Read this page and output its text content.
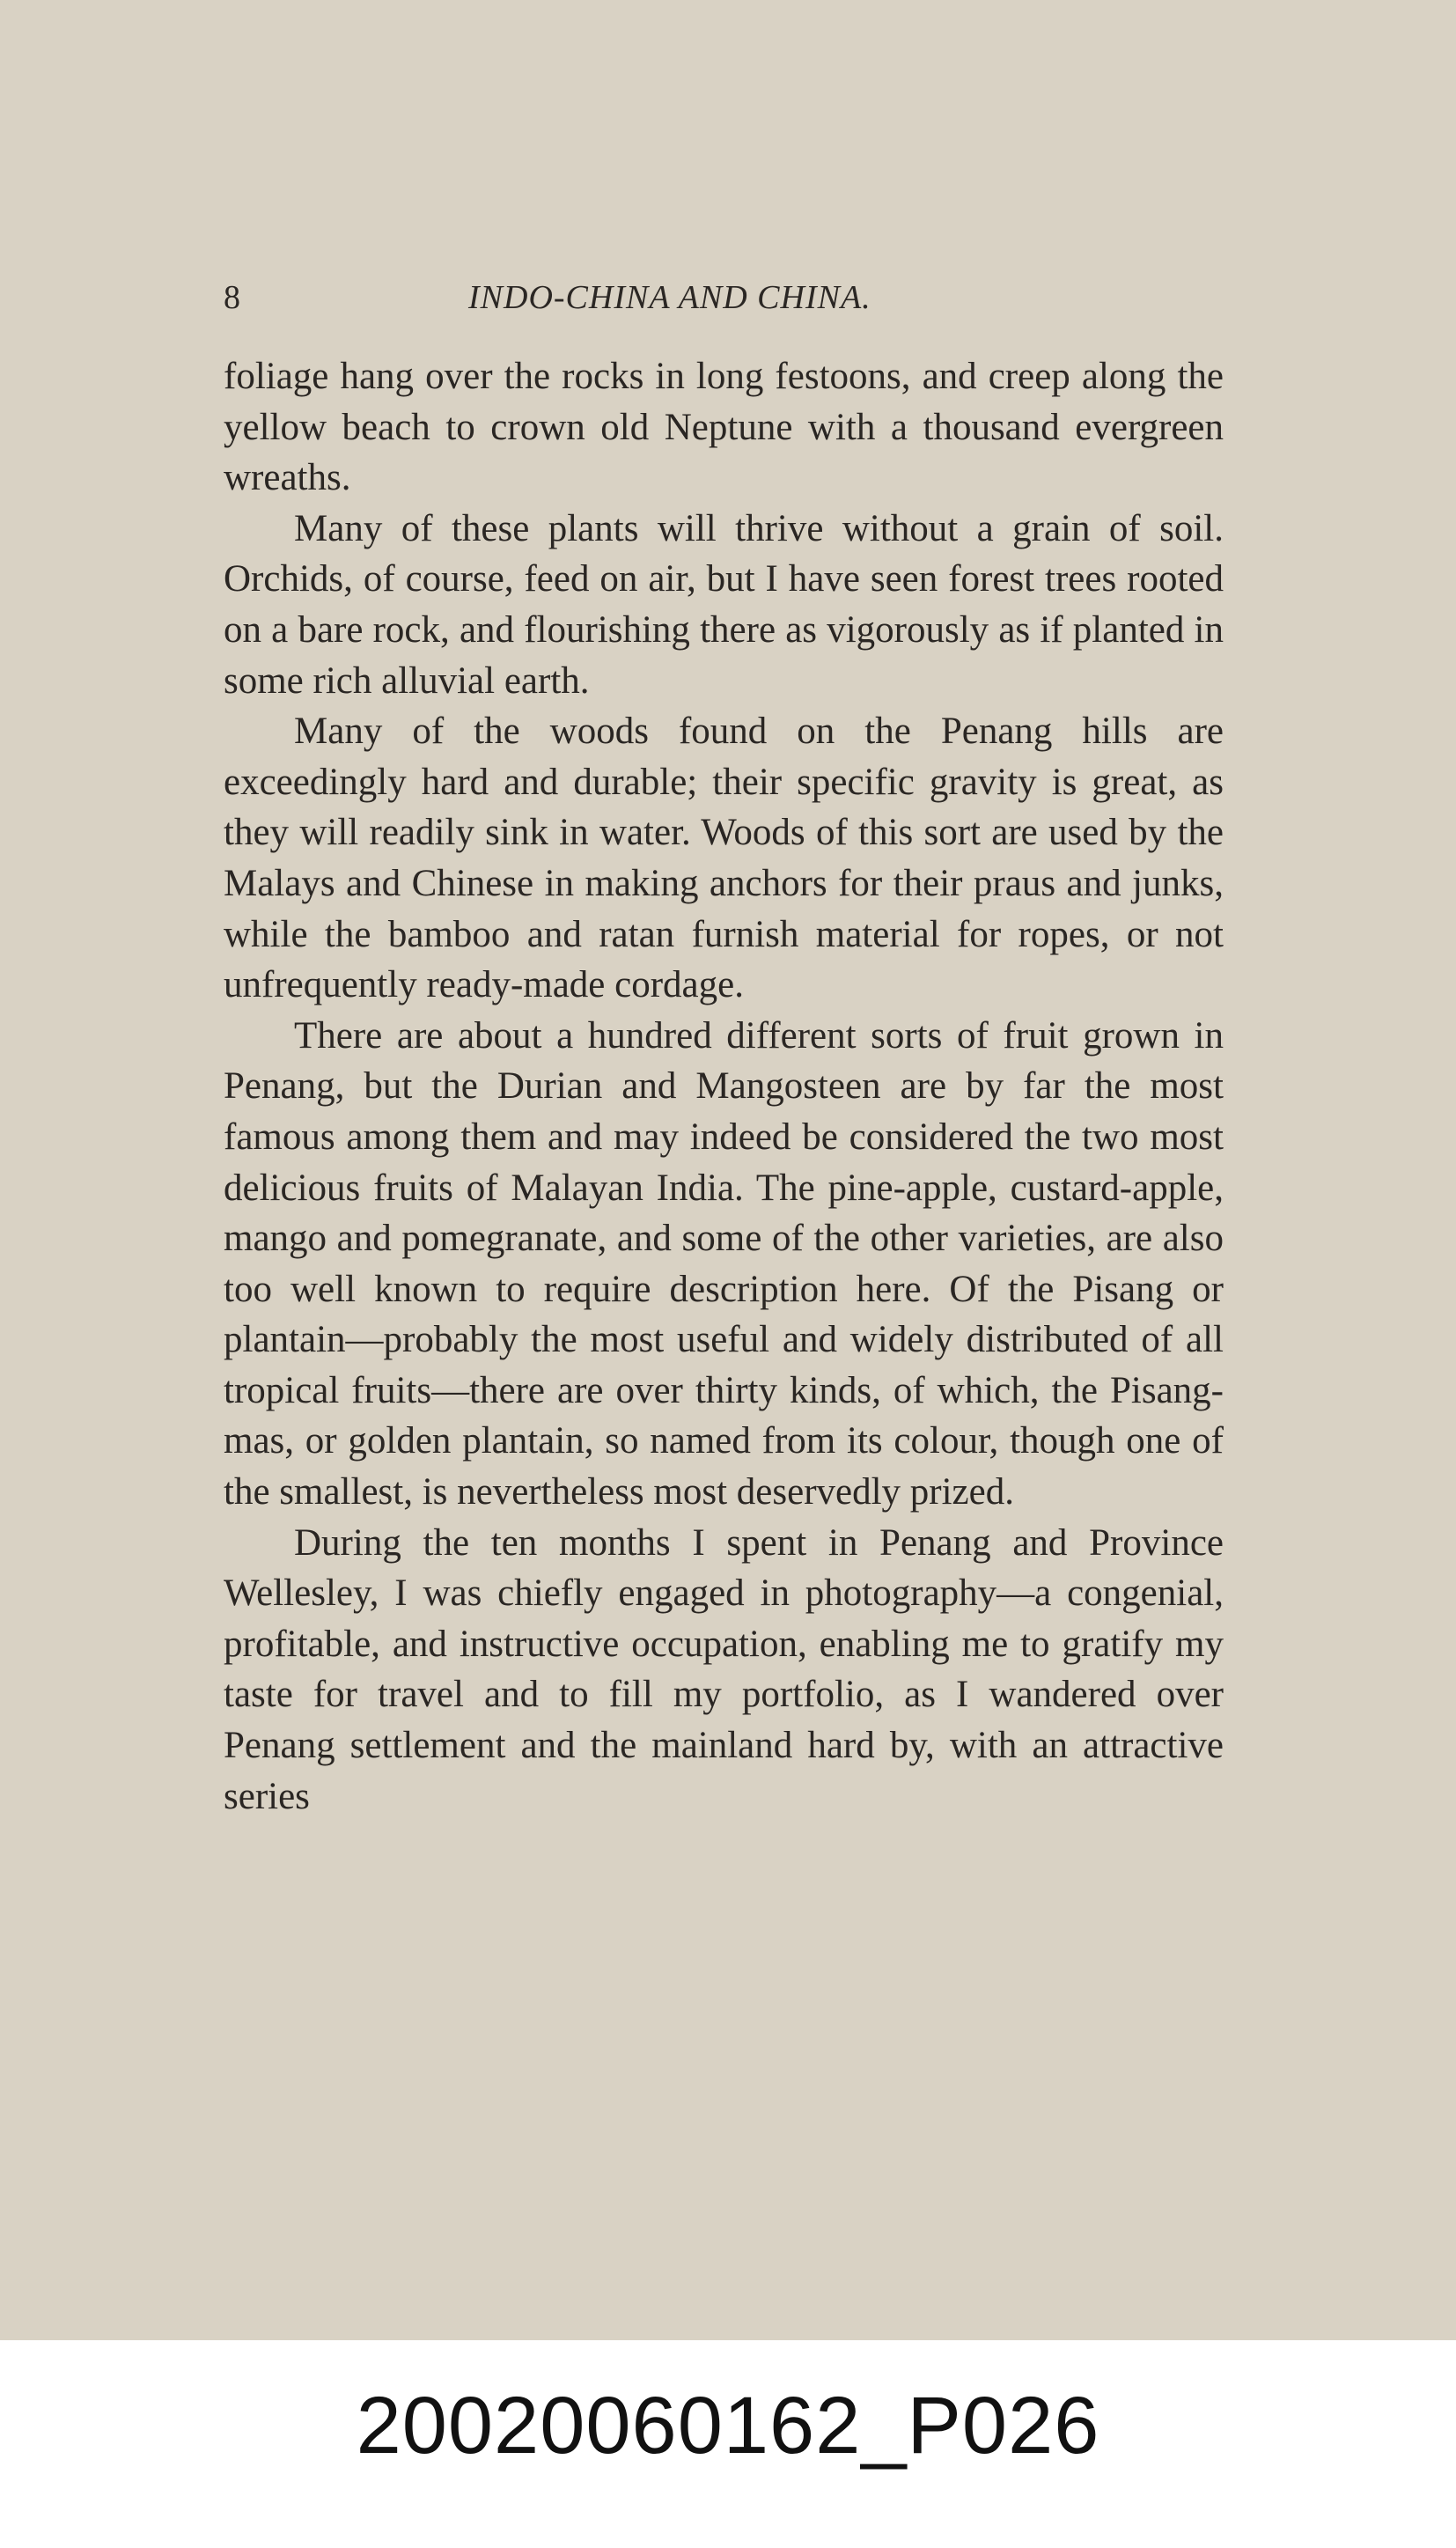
8	INDO-CHINA AND CHINA.

foliage hang over the rocks in long festoons, and creep along the yellow beach to crown old Neptune with a thousand evergreen wreaths.

Many of these plants will thrive without a grain of soil. Orchids, of course, feed on air, but I have seen forest trees rooted on a bare rock, and flourishing there as vigorously as if planted in some rich alluvial earth.

Many of the woods found on the Penang hills are exceedingly hard and durable; their specific gravity is great, as they will readily sink in water. Woods of this sort are used by the Malays and Chinese in making anchors for their praus and junks, while the bamboo and ratan furnish material for ropes, or not unfrequently ready-made cordage.

There are about a hundred different sorts of fruit grown in Penang, but the Durian and Mangosteen are by far the most famous among them and may indeed be considered the two most delicious fruits of Malayan India. The pine-apple, custard-apple, mango and pomegranate, and some of the other varieties, are also too well known to require description here. Of the Pisang or plantain—probably the most useful and widely distributed of all tropical fruits—there are over thirty kinds, of which, the Pisang-mas, or golden plantain, so named from its colour, though one of the smallest, is nevertheless most deservedly prized.

During the ten months I spent in Penang and Province Wellesley, I was chiefly engaged in photography—a congenial, profitable, and instructive occupation, enabling me to gratify my taste for travel and to fill my portfolio, as I wandered over Penang settlement and the mainland hard by, with an attractive series

20020060162_P026
